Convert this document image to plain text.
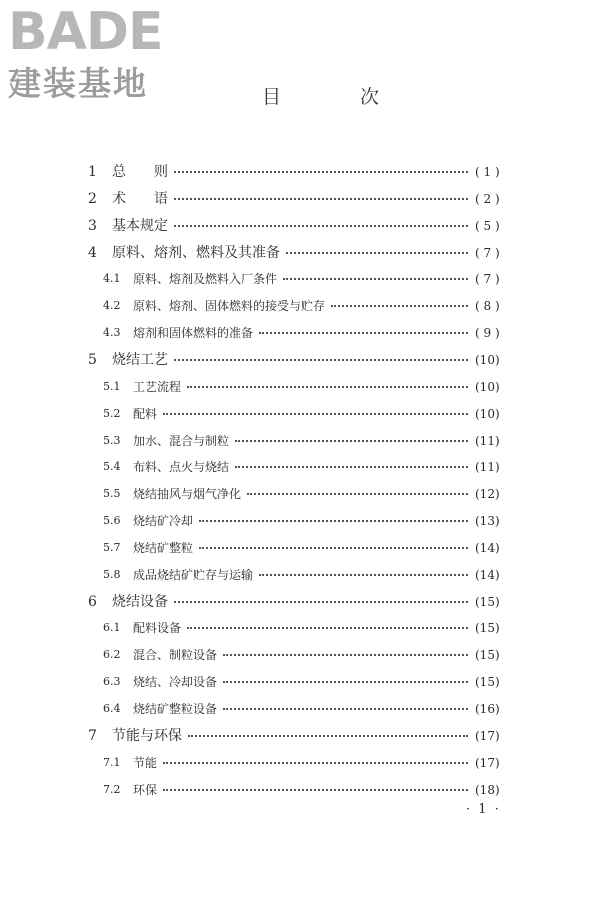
BADE
建装基地	目　次
1 总　　则	( 1 )
2 术　　语	( 2 )
3 基本规定	( 5 )
4 原料、熔剂、燃料及其准备	( 7 )
4.1 原料、熔剂及燃料入厂条件	( 7 )
4.2 原料、熔剂、固体燃料的接受与贮存	( 8 )
4.3 熔剂和固体燃料的准备	( 9 )
5 烧结工艺	(10)
5.1 工艺流程	(10)
5.2 配料	(10)
5.3 加水、混合与制粒	(11)
5.4 布料、点火与烧结	(11)
5.5 烧结抽风与烟气净化	(12)
5.6 烧结矿冷却	(13)
5.7 烧结矿整粒	(14)
5.8 成品烧结矿贮存与运输	(14)
6 烧结设备	(15)
6.1 配料设备	(15)
6.2 混合、制粒设备	(15)
6.3 烧结、冷却设备	(15)
6.4 烧结矿整粒设备	(16)
7 节能与环保	(17)
7.1 节能	(17)
7.2 环保	(18)
· 1 ·
